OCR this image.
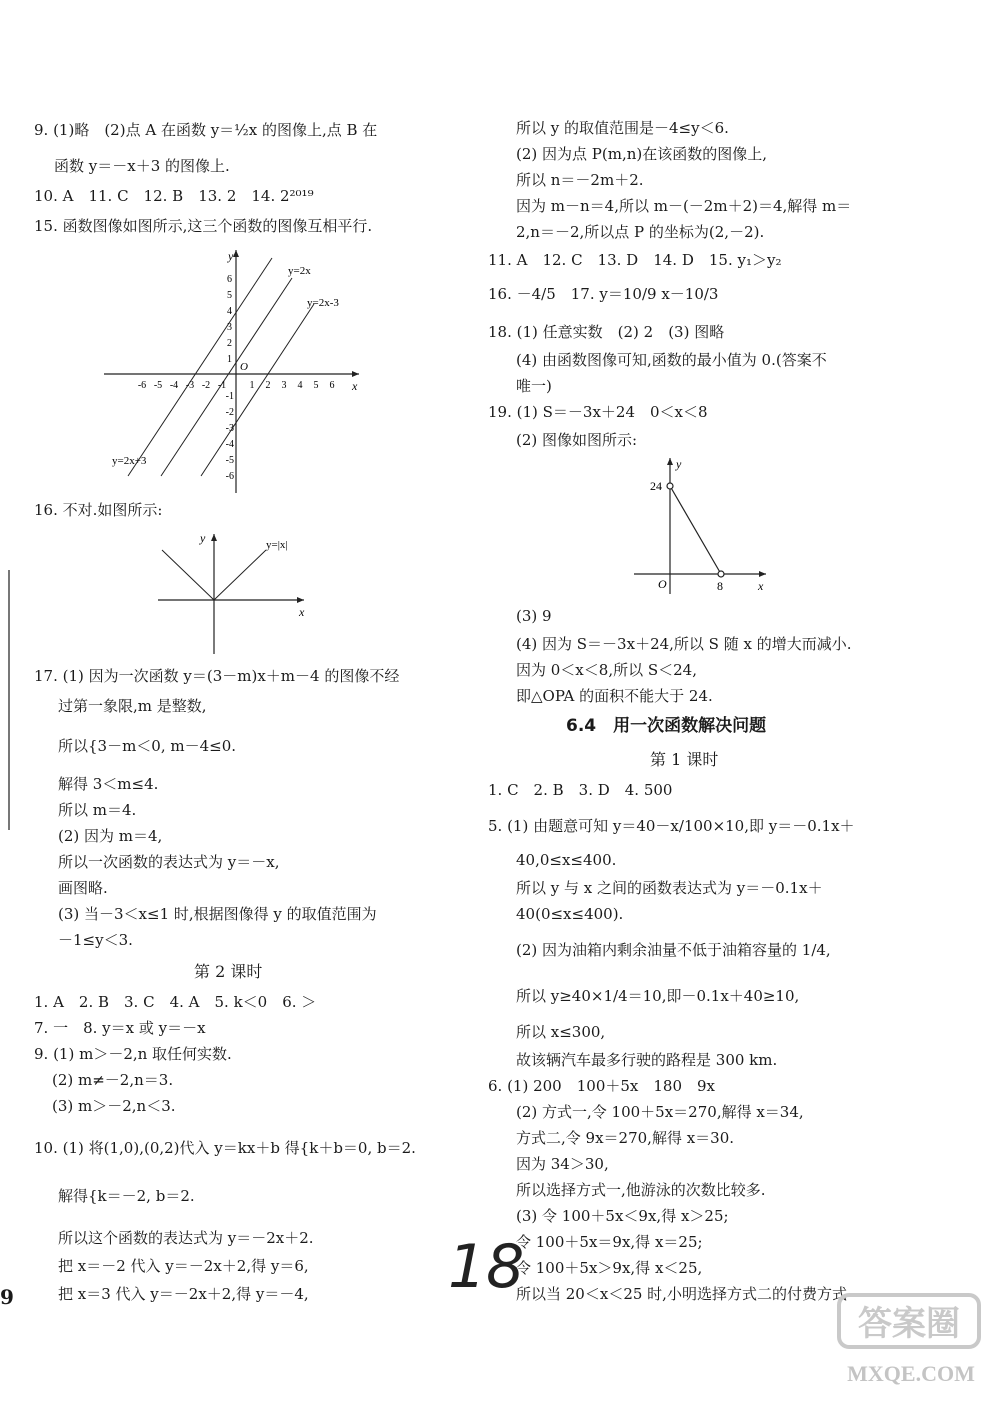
9. (1)略　(2)点 A 在函数 y＝½x 的图像上,点 B 在
函数 y＝－x＋3 的图像上.
10. A　11. C　12. B　13. 2　14. 2²⁰¹⁹
15. 函数图像如图所示,这三个函数的图像互相平行.
y=2x
y=2x-3
y=2x+3
x
y
O
-6 -5 -4 -3 -2 -1 1 2 3 4 5 6
6
5
4
3
2
1
-1
-2
-3
-4
-5
-6
16. 不对.如图所示:
y=|x|
x
y
17. (1) 因为一次函数 y＝(3－m)x＋m－4 的图像不经
过第一象限,m 是整数,
所以{3－m＜0, m－4≤0.
解得 3＜m≤4.
所以 m＝4.
(2) 因为 m＝4,
所以一次函数的表达式为 y＝－x,
画图略.
(3) 当－3＜x≤1 时,根据图像得 y 的取值范围为
－1≤y＜3.
第 2 课时
1. A　2. B　3. C　4. A　5. k＜0　6. ＞
7. 一　8. y＝x 或 y＝－x
9. (1) m＞－2,n 取任何实数.
(2) m≠－2,n＝3.
(3) m＞－2,n＜3.
10. (1) 将(1,0),(0,2)代入 y＝kx＋b 得{k＋b＝0, b＝2.
解得{k＝－2, b＝2.
所以这个函数的表达式为 y＝－2x＋2.
把 x＝－2 代入 y＝－2x＋2,得 y＝6,
把 x＝3 代入 y＝－2x＋2,得 y＝－4,
所以 y 的取值范围是－4≤y＜6.
(2) 因为点 P(m,n)在该函数的图像上,
所以 n＝－2m＋2.
因为 m－n＝4,所以 m－(－2m＋2)＝4,解得 m＝
2,n＝－2,所以点 P 的坐标为(2,－2).
11. A　12. C　13. D　14. D　15. y₁＞y₂
16. －4/5　17. y＝10/9 x－10/3
18. (1) 任意实数　(2) 2　(3) 图略
(4) 由函数图像可知,函数的最小值为 0.(答案不
唯一)
19. (1) S＝－3x＋24　0＜x＜8
(2) 图像如图所示:
24
8
O	x
y
(3) 9
(4) 因为 S＝－3x＋24,所以 S 随 x 的增大而减小.
因为 0＜x＜8,所以 S＜24,
即△OPA 的面积不能大于 24.
6.4　用一次函数解决问题
第 1 课时
1. C　2. B　3. D　4. 500
5. (1) 由题意可知 y＝40－x/100×10,即 y＝－0.1x＋
40,0≤x≤400.
所以 y 与 x 之间的函数表达式为 y＝－0.1x＋
40(0≤x≤400).
(2) 因为油箱内剩余油量不低于油箱容量的 1/4,
所以 y≥40×1/4＝10,即－0.1x＋40≥10,
所以 x≤300,
故该辆汽车最多行驶的路程是 300 km.
6. (1) 200　100＋5x　180　9x
(2) 方式一,令 100＋5x＝270,解得 x＝34,
方式二,令 9x＝270,解得 x＝30.
因为 34＞30,
所以选择方式一,他游泳的次数比较多.
(3) 令 100＋5x＜9x,得 x＞25;
令 100＋5x＝9x,得 x＝25;
令 100＋5x＞9x,得 x＜25,
所以当 20＜x＜25 时,小明选择方式二的付费方式
9	18
答案圈
MXQE.COM
